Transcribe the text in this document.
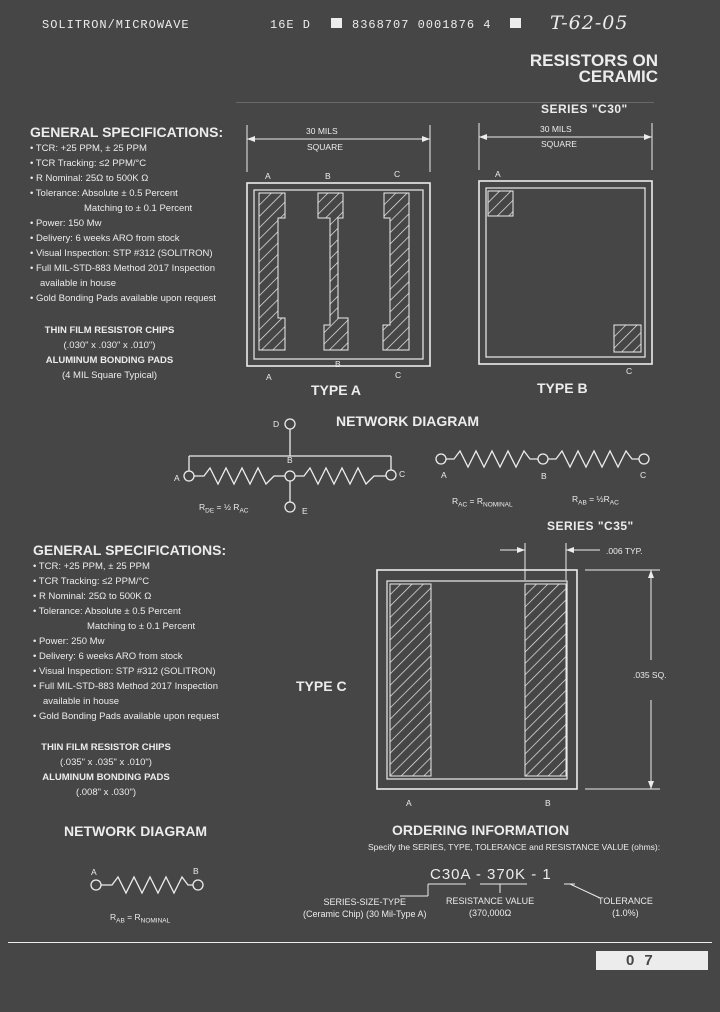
SOLITRON/MICROWAVE	16E D	8368707 0001876 4	T-62-05
RESISTORS ON
CERAMIC
SERIES "C30"
GENERAL SPECIFICATIONS:
• TCR: +25 PPM, ± 25 PPM
• TCR Tracking: ≤2 PPM/°C
• R Nominal: 25Ω to 500K Ω
• Tolerance: Absolute ± 0.5 Percent
Matching to ± 0.1 Percent
• Power: 150 Mw
• Delivery: 6 weeks ARO from stock
• Visual Inspection: STP #312 (SOLITRON)
• Full MIL-STD-883 Method 2017 Inspection
available in house
• Gold Bonding Pads available upon request
THIN FILM RESISTOR CHIPS
(.030" x .030" x .010")
ALUMINUM BONDING PADS
(4 MIL Square Typical)
30 MILS
SQUARE
A	B	C
A
B
C
TYPE A
30 MILS
SQUARE
A
C
TYPE B
NETWORK DIAGRAM
D
A
B
C
E
A	B	C
$R_{DE}$ = ½ $R_{AC}$
$R_{AC} = R_{NOMINAL}$
$R_{AB}$ = $\frac{1}{2}R_{AC}$
SERIES "C35"
GENERAL SPECIFICATIONS:
• TCR: +25 PPM, ± 25 PPM
• TCR Tracking: ≤2 PPM/°C
• R Nominal: 25Ω to 500K Ω
• Tolerance: Absolute ± 0.5 Percent
Matching to ± 0.1 Percent
• Power: 250 Mw
• Delivery: 6 weeks ARO from stock
• Visual Inspection: STP #312 (SOLITRON)
• Full MIL-STD-883 Method 2017 Inspection
available in house
• Gold Bonding Pads available upon request
THIN FILM RESISTOR CHIPS
(.035" x .035" x .010")
ALUMINUM BONDING PADS
(.008" x .030")
TYPE C
.006 TYP.
.035 SQ.
A	B
NETWORK DIAGRAM
A	B
$R_{AB} = R_{NOMINAL}$
ORDERING INFORMATION
Specify the SERIES, TYPE, TOLERANCE and RESISTANCE VALUE (ohms):
C30A - 370K - 1
SERIES-SIZE-TYPE
(Ceramic Chip) (30 Mil-Type A)
RESISTANCE VALUE
(370,000Ω
TOLERANCE
(1.0%)
07
